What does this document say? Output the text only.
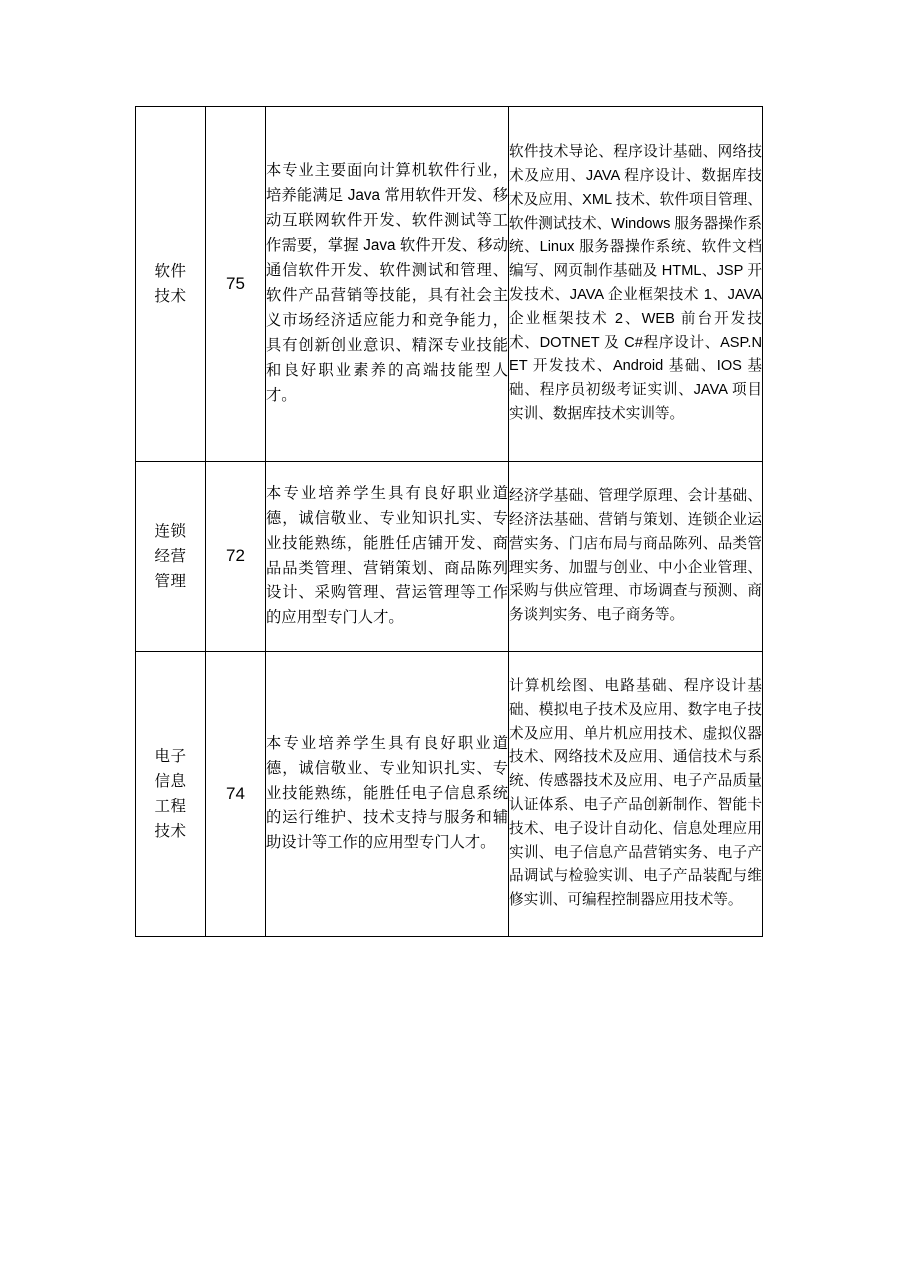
软件
技术	75	本专业主要面向计算机软件行业，培养能满足 Java 常用软件开发、移动互联网软件开发、软件测试等工作需要，掌握 Java 软件开发、移动通信软件开发、软件测试和管理、软件产品营销等技能，具有社会主义市场经济适应能力和竞争能力，具有创新创业意识、精深专业技能和良好职业素养的高端技能型人才。	软件技术导论、程序设计基础、网络技术及应用、JAVA 程序设计、数据库技术及应用、XML 技术、软件项目管理、软件测试技术、Windows 服务器操作系统、Linux 服务器操作系统、软件文档编写、网页制作基础及 HTML、JSP 开发技术、JAVA 企业框架技术 1、JAVA 企业框架技术 2、WEB 前台开发技术、DOTNET 及 C#程序设计、ASP.NET 开发技术、Android 基础、IOS 基础、程序员初级考证实训、JAVA 项目实训、数据库技术实训等。

连锁
经营
管理	72	本专业培养学生具有良好职业道德，诚信敬业、专业知识扎实、专业技能熟练，能胜任店铺开发、商品品类管理、营销策划、商品陈列设计、采购管理、营运管理等工作的应用型专门人才。	经济学基础、管理学原理、会计基础、经济法基础、营销与策划、连锁企业运营实务、门店布局与商品陈列、品类管理实务、加盟与创业、中小企业管理、采购与供应管理、市场调查与预测、商务谈判实务、电子商务等。

电子
信息
工程
技术	74	本专业培养学生具有良好职业道德，诚信敬业、专业知识扎实、专业技能熟练，能胜任电子信息系统的运行维护、技术支持与服务和辅助设计等工作的应用型专门人才。	计算机绘图、电路基础、程序设计基础、模拟电子技术及应用、数字电子技术及应用、单片机应用技术、虚拟仪器技术、网络技术及应用、通信技术与系统、传感器技术及应用、电子产品质量认证体系、电子产品创新制作、智能卡技术、电子设计自动化、信息处理应用实训、电子信息产品营销实务、电子产品调试与检验实训、电子产品装配与维修实训、可编程控制器应用技术等。
